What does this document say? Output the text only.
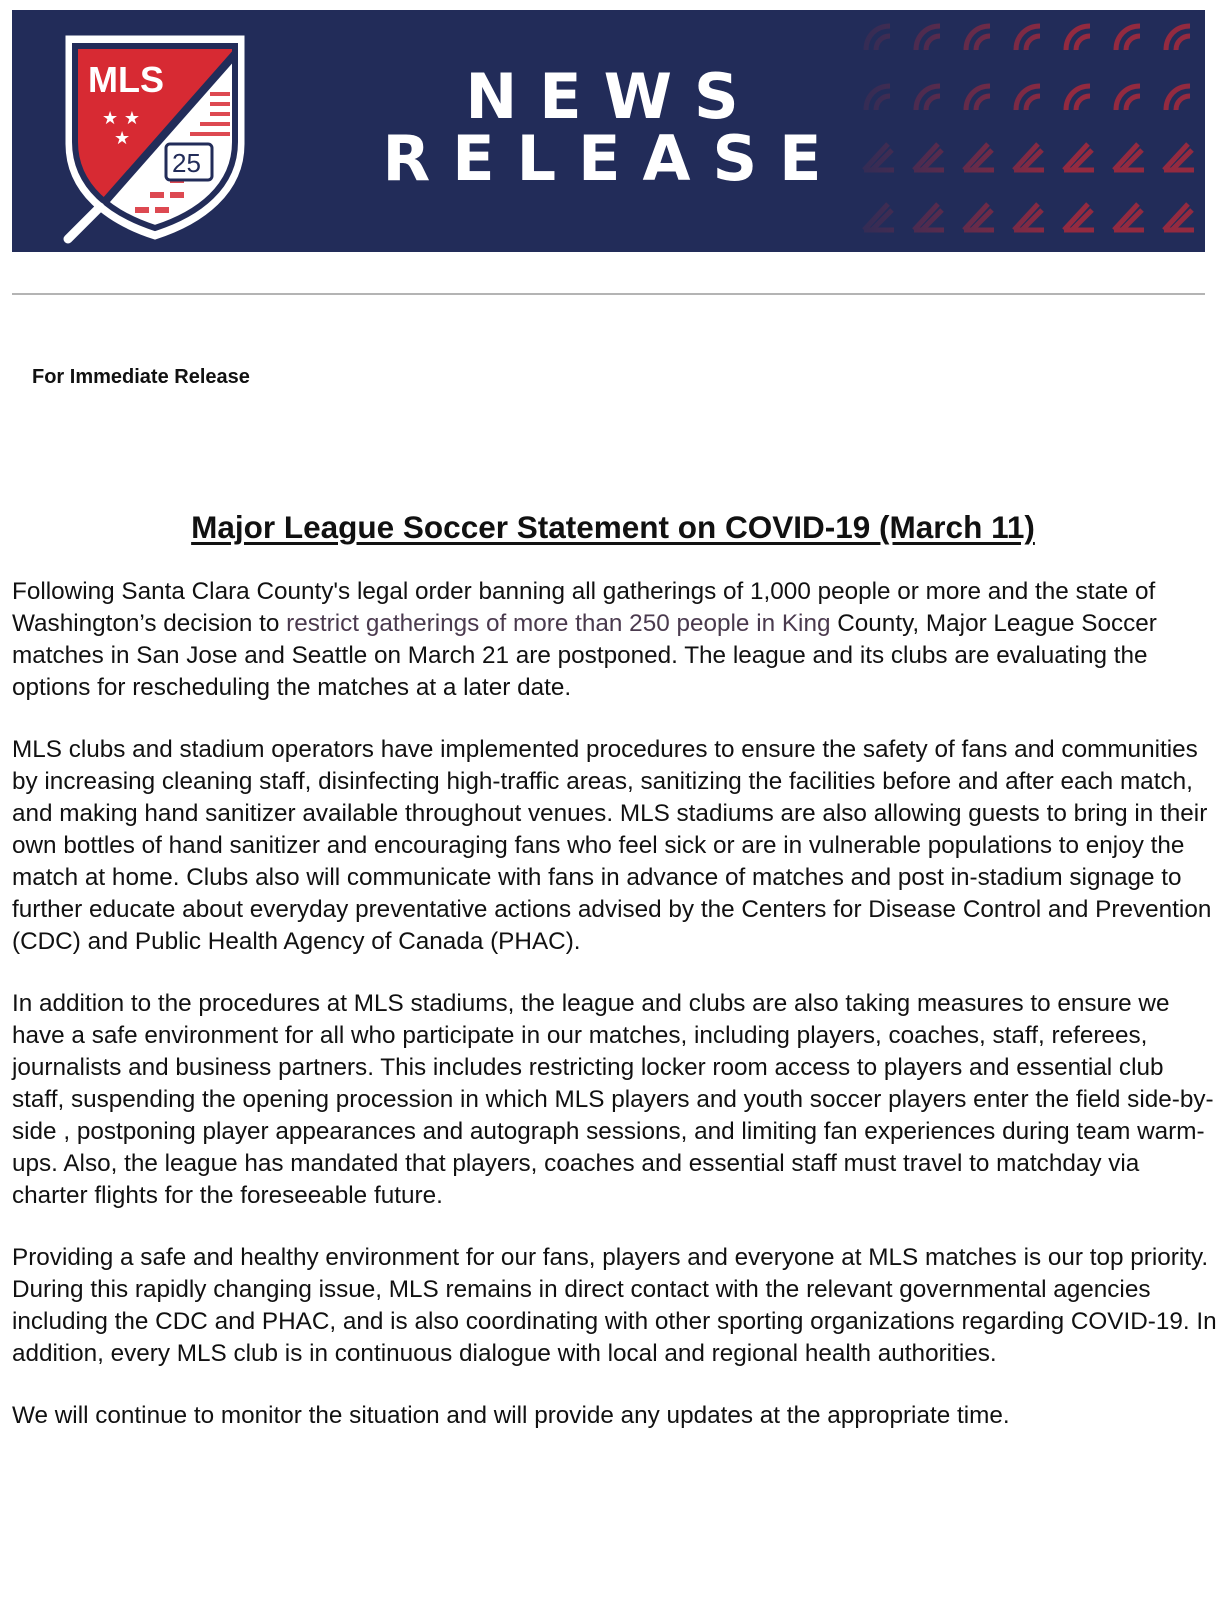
MLS
★ ★
★
25
NEWS
RELEASE
For Immediate Release
Major League Soccer Statement on COVID-19 (March 11)

Following Santa Clara County's legal order banning all gatherings of 1,000 people or more and the state of Washington’s decision to restrict gatherings of more than 250 people in King County, Major League Soccer matches in San Jose and Seattle on March 21 are postponed. The league and its clubs are evaluating the options for rescheduling the matches at a later date.

MLS clubs and stadium operators have implemented procedures to ensure the safety of fans and communities by increasing cleaning staff, disinfecting high-traffic areas, sanitizing the facilities before and after each match, and making hand sanitizer available throughout venues. MLS stadiums are also allowing guests to bring in their own bottles of hand sanitizer and encouraging fans who feel sick or are in vulnerable populations to enjoy the match at home. Clubs also will communicate with fans in advance of matches and post in-stadium signage to further educate about everyday preventative actions advised by the Centers for Disease Control and Prevention (CDC) and Public Health Agency of Canada (PHAC).

In addition to the procedures at MLS stadiums, the league and clubs are also taking measures to ensure we have a safe environment for all who participate in our matches, including players, coaches, staff, referees, journalists and business partners. This includes restricting locker room access to players and essential club staff, suspending the opening procession in which MLS players and youth soccer players enter the field side-by-side , postponing player appearances and autograph sessions, and limiting fan experiences during team warm-ups. Also, the league has mandated that players, coaches and essential staff must travel to matchday via charter flights for the foreseeable future.

Providing a safe and healthy environment for our fans, players and everyone at MLS matches is our top priority. During this rapidly changing issue, MLS remains in direct contact with the relevant governmental agencies including the CDC and PHAC, and is also coordinating with other sporting organizations regarding COVID-19. In addition, every MLS club is in continuous dialogue with local and regional health authorities.

We will continue to monitor the situation and will provide any updates at the appropriate time.
